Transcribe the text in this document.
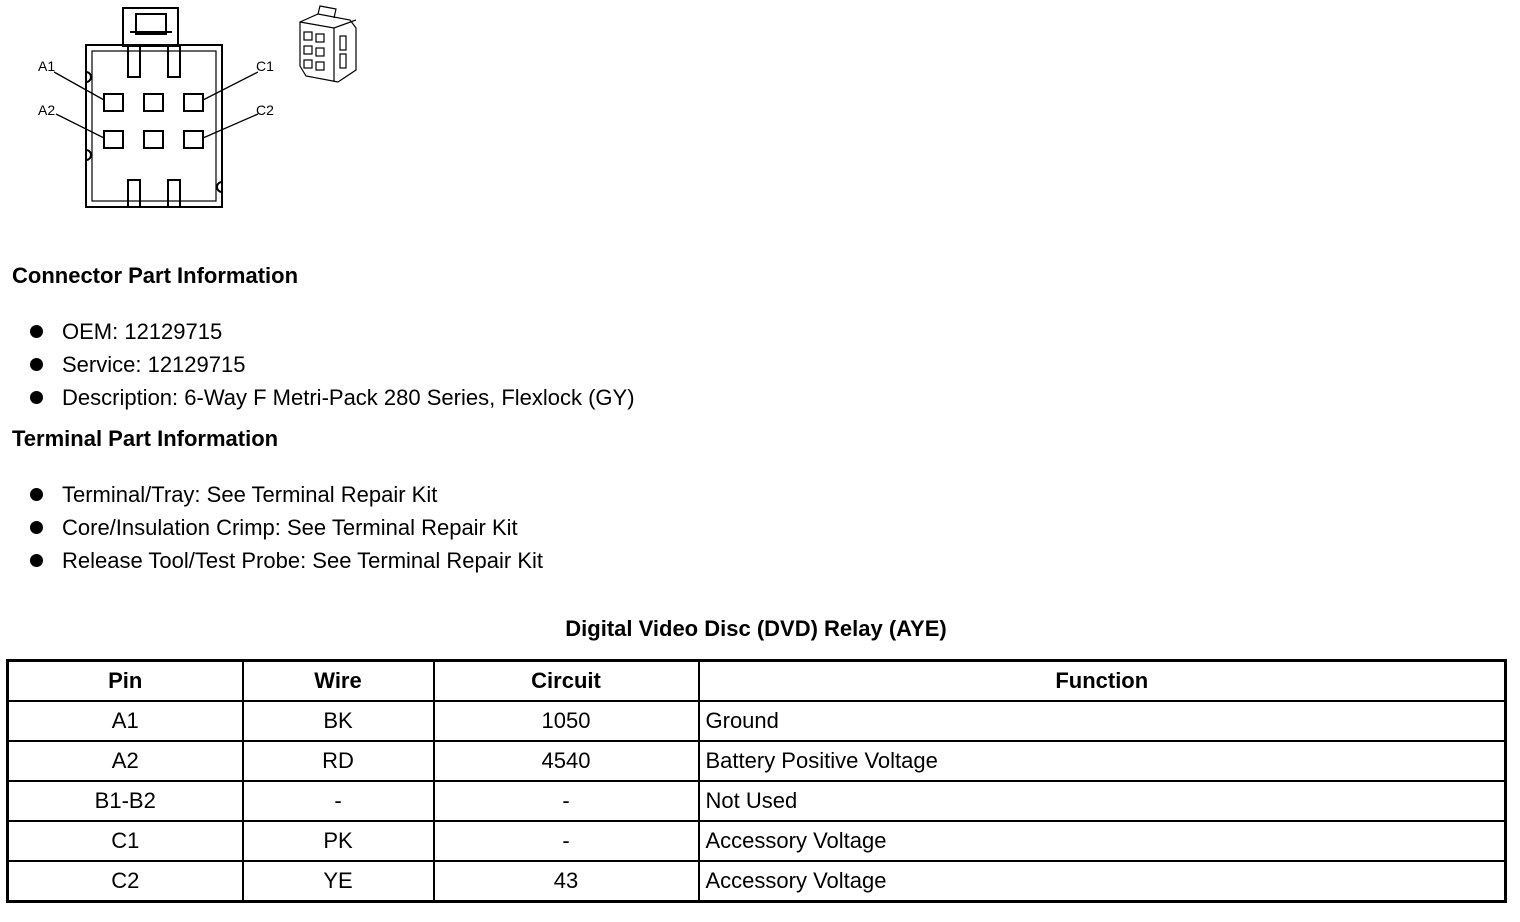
A1
A2
C1
C2
Connector Part Information
OEM: 12129715
Service: 12129715
Description: 6-Way F Metri-Pack 280 Series, Flexlock (GY)
Terminal Part Information
Terminal/Tray: See Terminal Repair Kit
Core/Insulation Crimp: See Terminal Repair Kit
Release Tool/Test Probe: See Terminal Repair Kit
Digital Video Disc (DVD) Relay (AYE)
Pin	Wire	Circuit	Function
A1	BK	1050	Ground
A2	RD	4540	Battery Positive Voltage
B1-B2	-	-	Not Used
C1	PK	-	Accessory Voltage
C2	YE	43	Accessory Voltage
